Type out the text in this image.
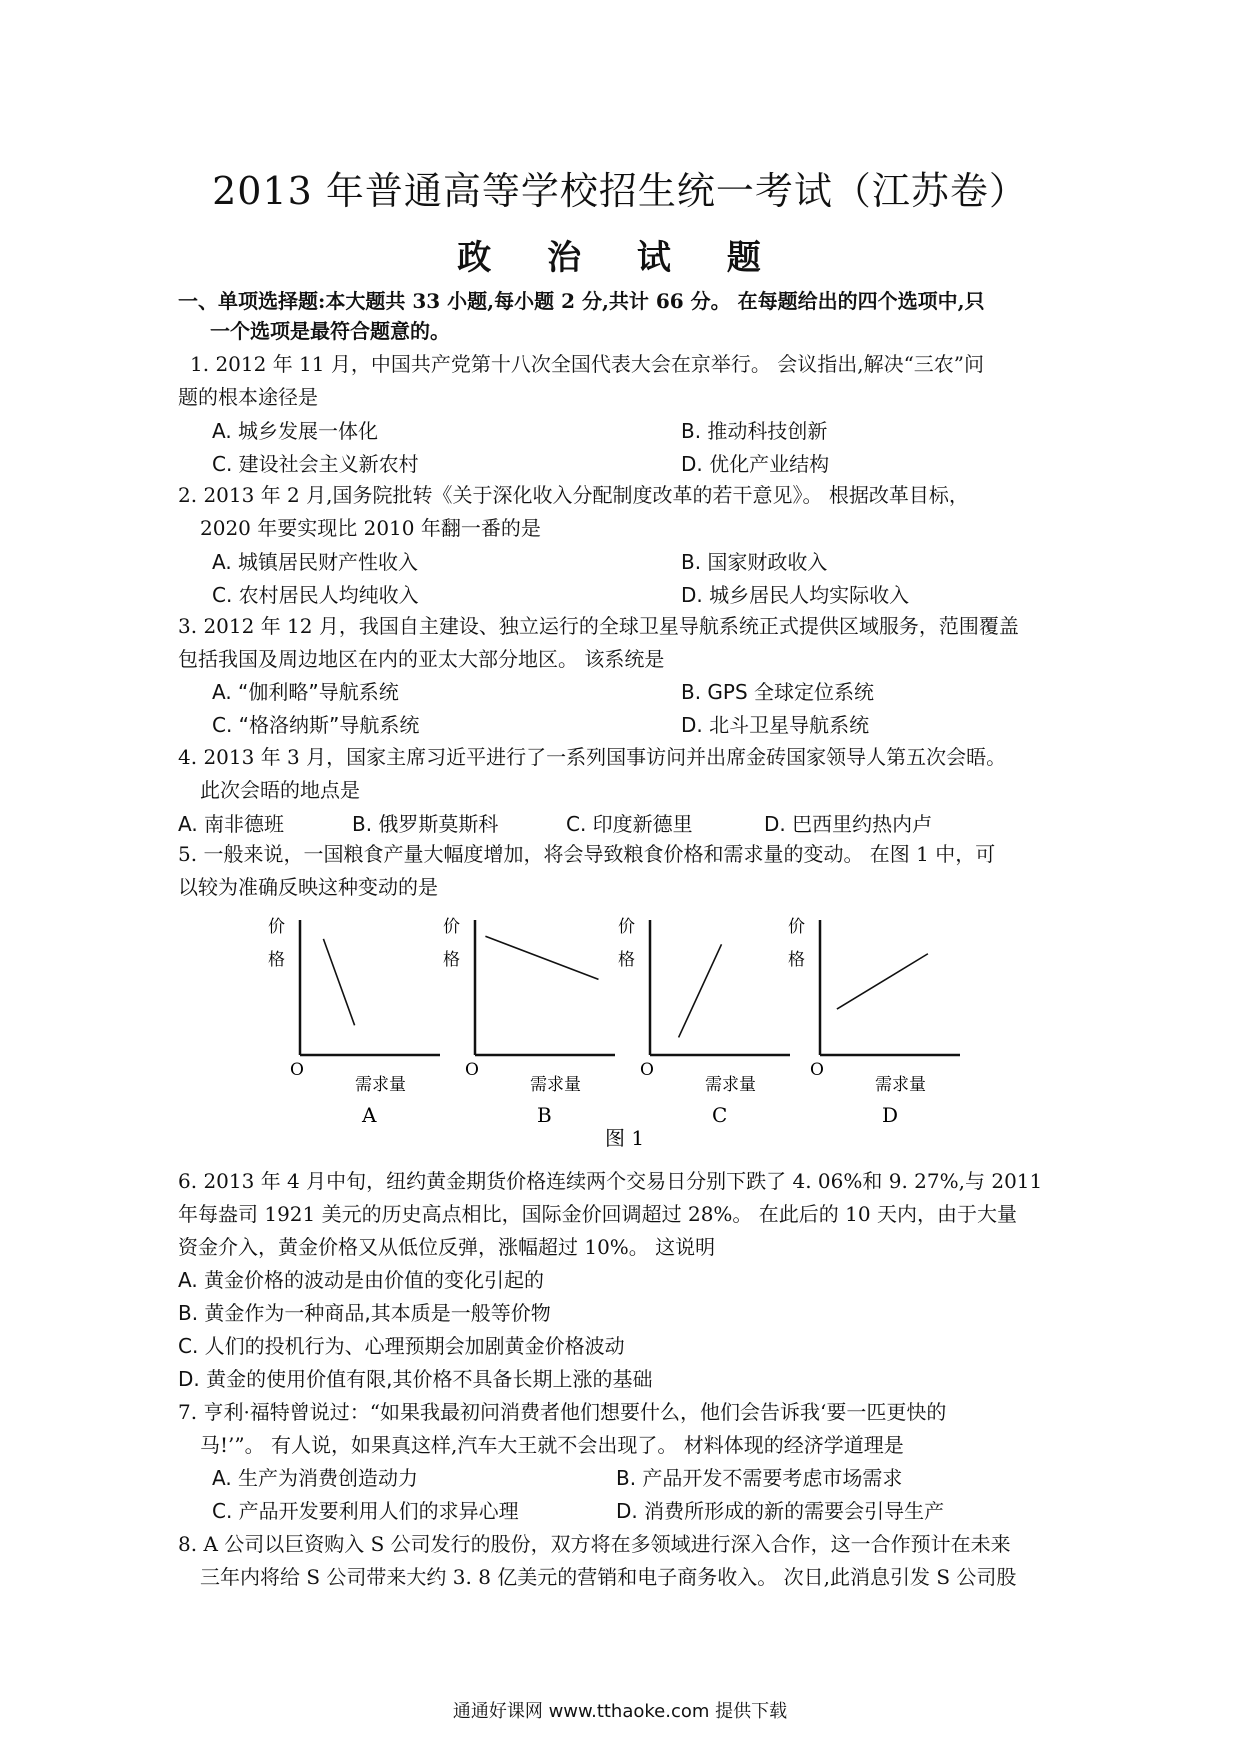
2013 年普通高等学校招生统一考试（江苏卷）
政 治 试 题
一、单项选择题:本大题共 33 小题,每小题 2 分,共计 66 分。 在每题给出的四个选项中,只
一个选项是最符合题意的。
1. 2012 年 11 月，中国共产党第十八次全国代表大会在京举行。 会议指出,解决“三农”问
题的根本途径是
A. 城乡发展一体化	B. 推动科技创新
C. 建设社会主义新农村	D. 优化产业结构
2. 2013 年 2 月,国务院批转《关于深化收入分配制度改革的若干意见》。 根据改革目标，
2020 年要实现比 2010 年翻一番的是
A. 城镇居民财产性收入	B. 国家财政收入
C. 农村居民人均纯收入	D. 城乡居民人均实际收入
3. 2012 年 12 月，我国自主建设、独立运行的全球卫星导航系统正式提供区域服务，范围覆盖
包括我国及周边地区在内的亚太大部分地区。 该系统是
A. “伽利略”导航系统	B. GPS 全球定位系统
C. “格洛纳斯”导航系统	D. 北斗卫星导航系统
4. 2013 年 3 月，国家主席习近平进行了一系列国事访问并出席金砖国家领导人第五次会晤。
此次会晤的地点是
A. 南非德班	B. 俄罗斯莫斯科	C. 印度新德里	D. 巴西里约热内卢
5. 一般来说，一国粮食产量大幅度增加，将会导致粮食价格和需求量的变动。 在图 1 中，可
以较为准确反映这种变动的是
价
格
O
需求量
A
价
格
O
需求量
B
价
格
O
需求量
C
价
格
O
需求量
D
图 1
6. 2013 年 4 月中旬，纽约黄金期货价格连续两个交易日分别下跌了 4. 06%和 9. 27%,与 2011
年每盎司 1921 美元的历史高点相比，国际金价回调超过 28%。 在此后的 10 天内，由于大量
资金介入，黄金价格又从低位反弹，涨幅超过 10%。 这说明
A. 黄金价格的波动是由价值的变化引起的
B. 黄金作为一种商品,其本质是一般等价物
C. 人们的投机行为、心理预期会加剧黄金价格波动
D. 黄金的使用价值有限,其价格不具备长期上涨的基础
7. 亨利·福特曾说过：“如果我最初问消费者他们想要什么，他们会告诉我‘要一匹更快的
马!’”。 有人说，如果真这样,汽车大王就不会出现了。 材料体现的经济学道理是
A. 生产为消费创造动力	B. 产品开发不需要考虑市场需求
C. 产品开发要利用人们的求异心理	D. 消费所形成的新的需要会引导生产
8. A 公司以巨资购入 S 公司发行的股份，双方将在多领域进行深入合作，这一合作预计在未来
三年内将给 S 公司带来大约 3. 8 亿美元的营销和电子商务收入。 次日,此消息引发 S 公司股
通通好课网 www.tthaoke.com 提供下载
